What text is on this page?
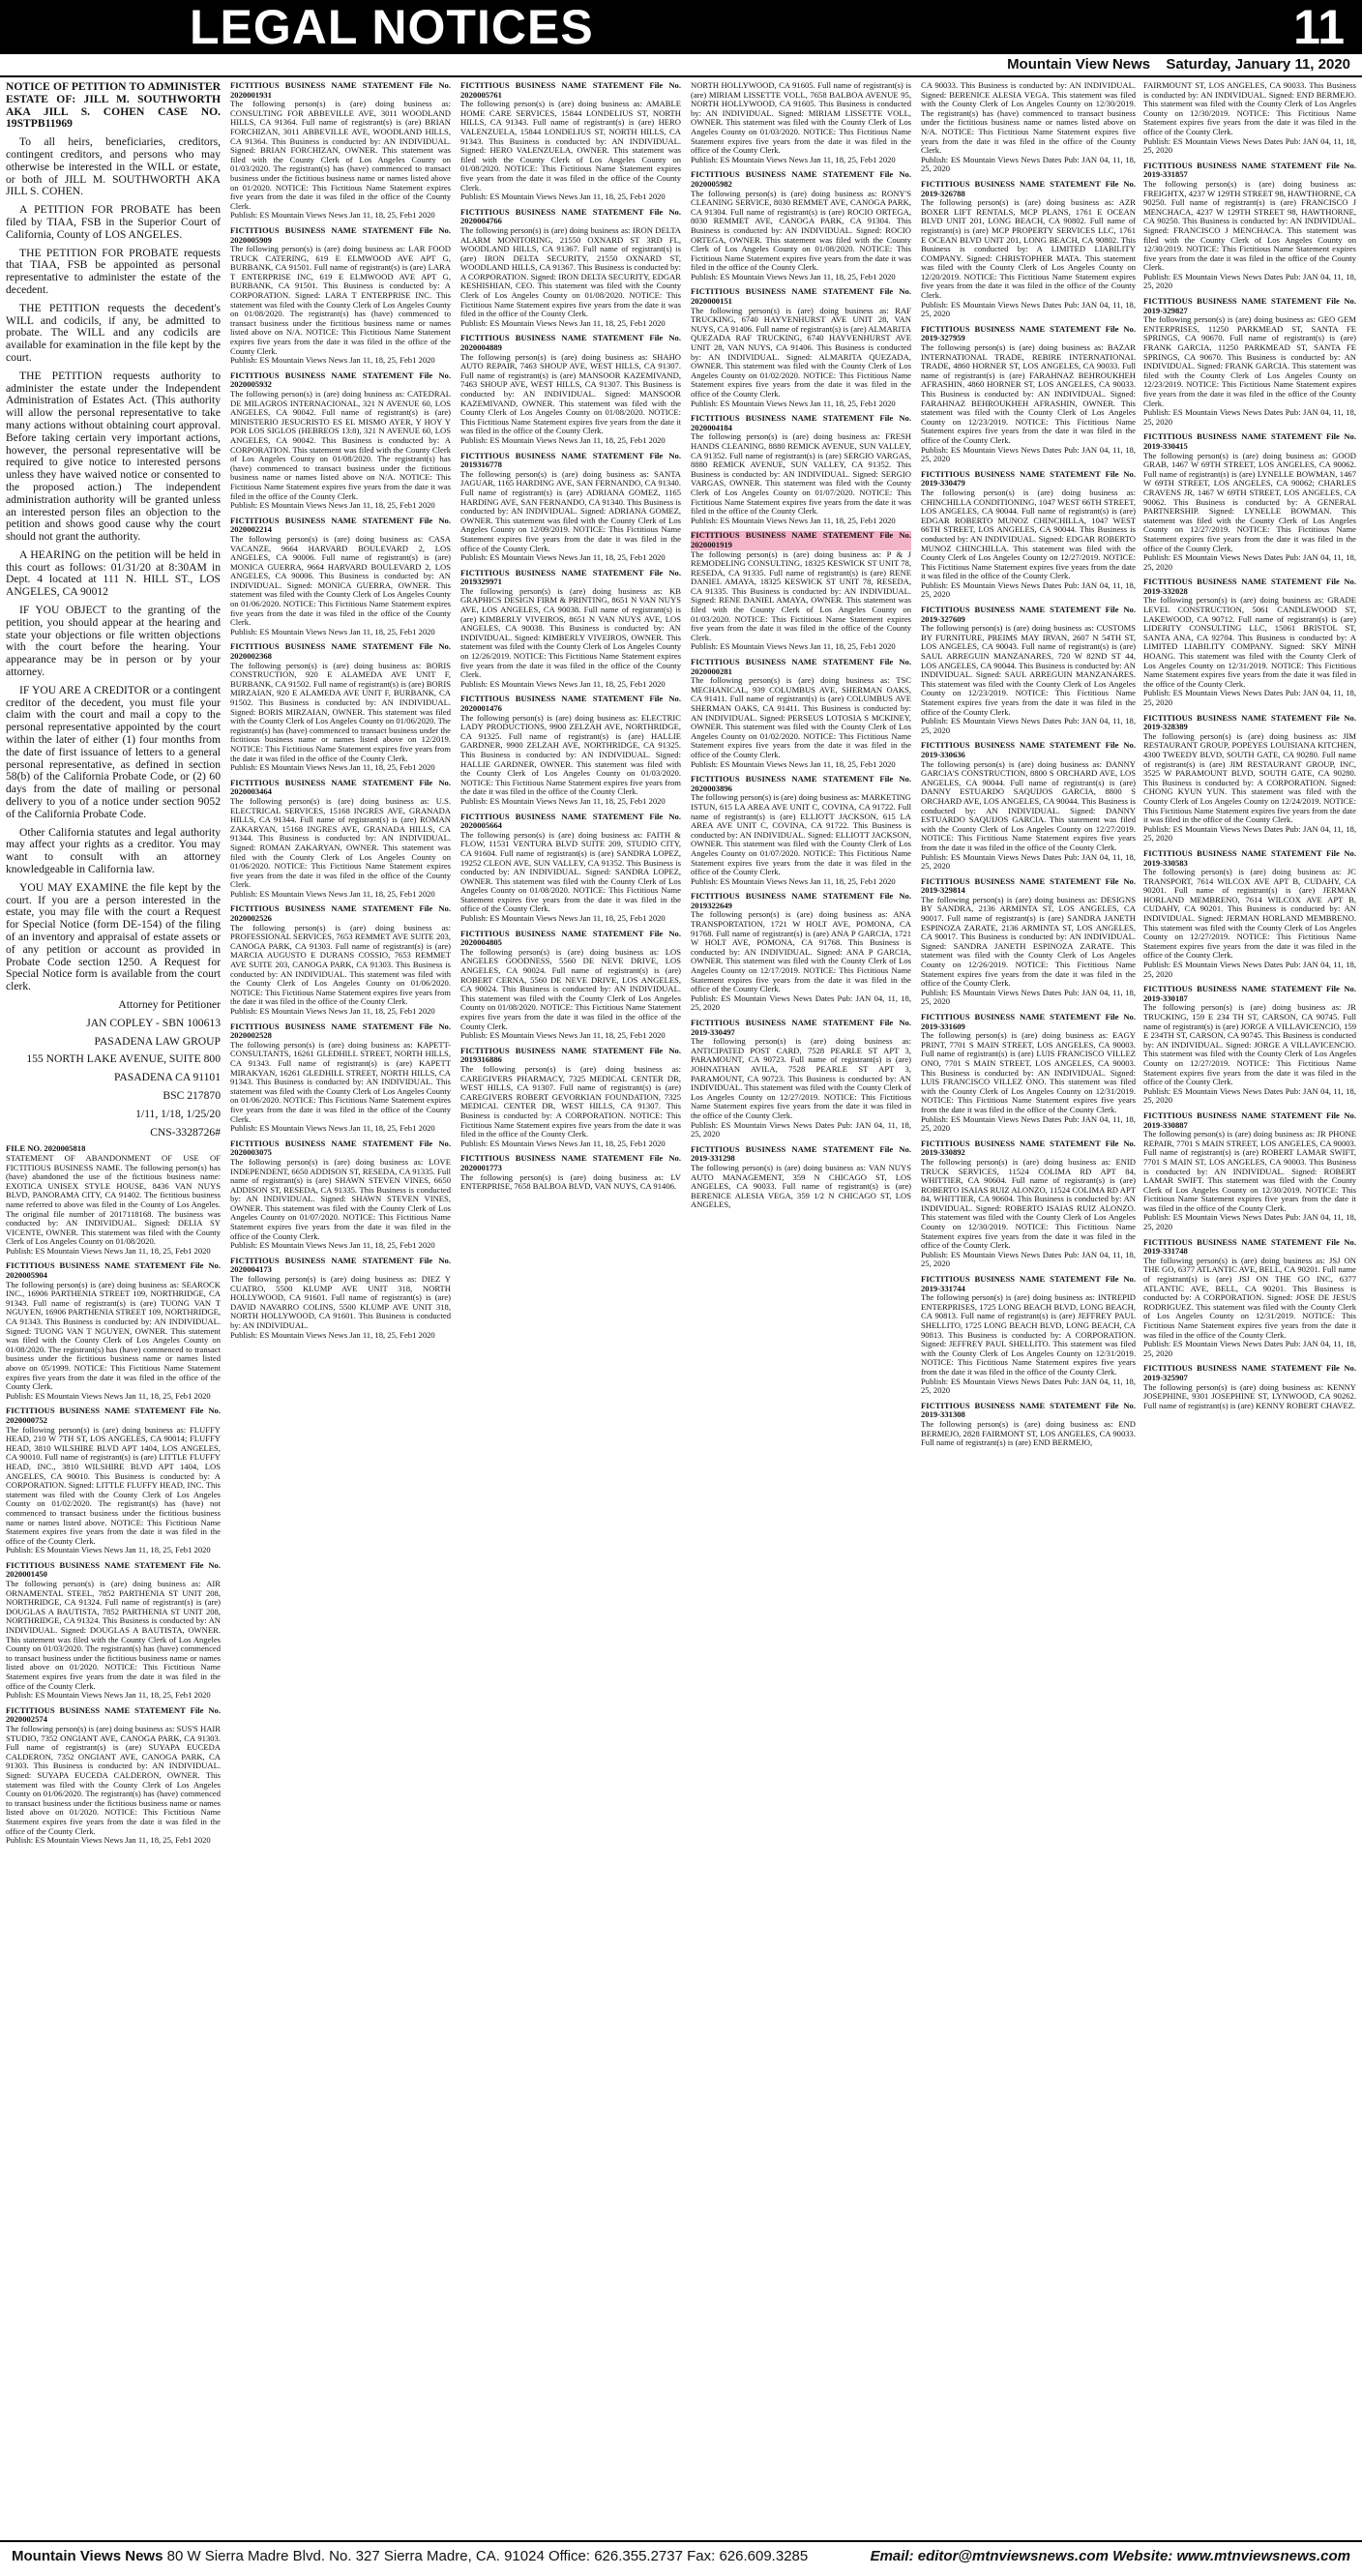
LEGAL NOTICES	11
Mountain View News Saturday, January 11, 2020
NOTICE OF PETITION TO ADMINISTER ESTATE OF: JILL M. SOUTHWORTH AKA JILL S. COHEN CASE NO. 19STPB11969

To all heirs, beneficiaries, creditors, contingent creditors, and persons who may otherwise be interested in the WILL or estate, or both of JILL M. SOUTHWORTH AKA JILL S. COHEN.

A PETITION FOR PROBATE has been filed by TIAA, FSB in the Superior Court of California, County of LOS ANGELES.

THE PETITION FOR PROBATE requests that TIAA, FSB be appointed as personal representative to administer the estate of the decedent.

THE PETITION requests the decedent's WILL and codicils, if any, be admitted to probate. The WILL and any codicils are available for examination in the file kept by the court.

THE PETITION requests authority to administer the estate under the Independent Administration of Estates Act. (This authority will allow the personal representative to take many actions without obtaining court approval. Before taking certain very important actions, however, the personal representative will be required to give notice to interested persons unless they have waived notice or consented to the proposed action.) The independent administration authority will be granted unless an interested person files an objection to the petition and shows good cause why the court should not grant the authority.

A HEARING on the petition will be held in this court as follows: 01/31/20 at 8:30AM in Dept. 4 located at 111 N. HILL ST., LOS ANGELES, CA 90012

IF YOU OBJECT to the granting of the petition, you should appear at the hearing and state your objections or file written objections with the court before the hearing. Your appearance may be in person or by your attorney.

IF YOU ARE A CREDITOR or a contingent creditor of the decedent, you must file your claim with the court and mail a copy to the personal representative appointed by the court within the later of either (1) four months from the date of first issuance of letters to a general personal representative, as defined in section 58(b) of the California Probate Code, or (2) 60 days from the date of mailing or personal delivery to you of a notice under section 9052 of the California Probate Code.

Other California statutes and legal authority may affect your rights as a creditor. You may want to consult with an attorney knowledgeable in California law.

YOU MAY EXAMINE the file kept by the court. If you are a person interested in the estate, you may file with the court a Request for Special Notice (form DE-154) of the filing of an inventory and appraisal of estate assets or of any petition or account as provided in Probate Code section 1250. A Request for Special Notice form is available from the court clerk.

Attorney for Petitioner

JAN COPLEY - SBN 100613

PASADENA LAW GROUP

155 NORTH LAKE AVENUE, SUITE 800

PASADENA CA 91101

BSC 217870

1/11, 1/18, 1/25/20

CNS-3328726#

FILE NO. 2020005818
STATEMENT OF ABANDONMENT OF USE OF FICTITIOUS BUSINESS NAME. The following person(s) has (have) abandoned the use of the fictitious business name: EXOTICA UNISEX STYLE HOUSE, 8436 VAN NUYS BLVD, PANORAMA CITY, CA 91402. The fictitious business name referred to above was filed in the County of Los Angeles. The original file number of 2017118168. The business was conducted by: AN INDIVIDUAL. Signed: DELIA SY VICENTE, OWNER. This statement was filed with the County Clerk of Los Angeles County on 01/08/2020.
Publish: ES Mountain Views News Jan 11, 18, 25, Feb1 2020
FICTITIOUS BUSINESS NAME STATEMENT File No. 2020005904
The following person(s) is (are) doing business as: SEAROCK INC., 16906 PARTHENIA STREET 109, NORTHRIDGE, CA 91343. Full name of registrant(s) is (are) TUONG VAN T NGUYEN, 16906 PARTHENIA STREET 109, NORTHRIDGE, CA 91343. This Business is conducted by: AN INDIVIDUAL. Signed: TUONG VAN T NGUYEN, OWNER. This statement was filed with the County Clerk of Los Angeles County on 01/08/2020. The registrant(s) has (have) commenced to transact business under the fictitious business name or names listed above on 05/1999. NOTICE: This Fictitious Name Statement expires five years from the date it was filed in the office of the County Clerk.
Publish: ES Mountain Views News Jan 11, 18, 25, Feb1 2020
FICTITIOUS BUSINESS NAME STATEMENT File No. 2020000752
The following person(s) is (are) doing business as: FLUFFY HEAD, 210 W 7TH ST, LOS ANGELES, CA 90014; FLUFFY HEAD, 3810 WILSHIRE BLVD APT 1404, LOS ANGELES, CA 90010. Full name of registrant(s) is (are) LITTLE FLUFFY HEAD, INC., 3810 WILSHIRE BLVD APT 1404, LOS ANGELES, CA 90010. This Business is conducted by: A CORPORATION. Signed: LITTLE FLUFFY HEAD, INC. This statement was filed with the County Clerk of Los Angeles County on 01/02/2020. The registrant(s) has (have) not commenced to transact business under the fictitious business name or names listed above. NOTICE: This Fictitious Name Statement expires five years from the date it was filed in the office of the County Clerk.
Publish: ES Mountain Views News Jan 11, 18, 25, Feb1 2020
FICTITIOUS BUSINESS NAME STATEMENT File No. 2020001450
The following person(s) is (are) doing business as: AIR ORNAMENTAL STEEL, 7852 PARTHENIA ST UNIT 208, NORTHRIDGE, CA 91324. Full name of registrant(s) is (are) DOUGLAS A BAUTISTA, 7852 PARTHENIA ST UNIT 208, NORTHRIDGE, CA 91324. This Business is conducted by: AN INDIVIDUAL. Signed: DOUGLAS A BAUTISTA, OWNER. This statement was filed with the County Clerk of Los Angeles County on 01/03/2020. The registrant(s) has (have) commenced to transact business under the fictitious business name or names listed above on 01/2020. NOTICE: This Fictitious Name Statement expires five years from the date it was filed in the office of the County Clerk.
Publish: ES Mountain Views News Jan 11, 18, 25, Feb1 2020
FICTITIOUS BUSINESS NAME STATEMENT File No. 2020002574
The following person(s) is (are) doing business as: SUS'S HAIR STUDIO, 7352 ONGIANT AVE, CANOGA PARK, CA 91303. Full name of registrant(s) is (are) SUYAPA EUCEDA CALDERON, 7352 ONGIANT AVE, CANOGA PARK, CA 91303. This Business is conducted by: AN INDIVIDUAL. Signed: SUYAPA EUCEDA CALDERON, OWNER. This statement was filed with the County Clerk of Los Angeles County on 01/06/2020. The registrant(s) has (have) commenced to transact business under the fictitious business name or names listed above on 01/2020. NOTICE: This Fictitious Name Statement expires five years from the date it was filed in the office of the County Clerk.
Publish: ES Mountain Views News Jan 11, 18, 25, Feb1 2020
FICTITIOUS BUSINESS NAME STATEMENT File No. 2020001931
The following person(s) is (are) doing business as: CONSULTING FOR ABBEVILLE AVE, 3011 WOODLAND HILLS, CA 91364. Full name of registrant(s) is (are) BRIAN FORCHIZAN, 3011 ABBEVILLE AVE, WOODLAND HILLS, CA 91364. This Business is conducted by: AN INDIVIDUAL. Signed: BRIAN FORCHIZAN, OWNER. This statement was filed with the County Clerk of Los Angeles County on 01/03/2020. The registrant(s) has (have) commenced to transact business under the fictitious business name or names listed above on 01/2020. NOTICE: This Fictitious Name Statement expires five years from the date it was filed in the office of the County Clerk.
Publish: ES Mountain Views News Jan 11, 18, 25, Feb1 2020
FICTITIOUS BUSINESS NAME STATEMENT File No. 2020005909
The following person(s) is (are) doing business as: LAR FOOD TRUCK CATERING, 619 E ELMWOOD AVE APT G, BURBANK, CA 91501. Full name of registrant(s) is (are) LARA T ENTERPRISE INC, 619 E ELMWOOD AVE APT G, BURBANK, CA 91501. This Business is conducted by: A CORPORATION. Signed: LARA T ENTERPRISE INC. This statement was filed with the County Clerk of Los Angeles County on 01/08/2020. The registrant(s) has (have) commenced to transact business under the fictitious business name or names listed above on N/A. NOTICE: This Fictitious Name Statement expires five years from the date it was filed in the office of the County Clerk.
Publish: ES Mountain Views News Jan 11, 18, 25, Feb1 2020
FICTITIOUS BUSINESS NAME STATEMENT File No. 2020005932
The following person(s) is (are) doing business as: CATEDRAL DE MILAGROS INTERNACIONAL, 321 N AVENUE 60, LOS ANGELES, CA 90042. Full name of registrant(s) is (are) MINISTERIO JESUCRISTO ES EL MISMO AYER, Y HOY Y POR LOS SIGLOS (HEBREOS 13:8), 321 N AVENUE 60, LOS ANGELES, CA 90042. This Business is conducted by: A CORPORATION. This statement was filed with the County Clerk of Los Angeles County on 01/08/2020. The registrant(s) has (have) commenced to transact business under the fictitious business name or names listed above on N/A. NOTICE: This Fictitious Name Statement expires five years from the date it was filed in the office of the County Clerk.
Publish: ES Mountain Views News Jan 11, 18, 25, Feb1 2020
FICTITIOUS BUSINESS NAME STATEMENT File No. 2020002214
The following person(s) is (are) doing business as: CASA VACANZE, 9664 HARVARD BOULEVARD 2, LOS ANGELES, CA 90006. Full name of registrant(s) is (are) MONICA GUERRA, 9664 HARVARD BOULEVARD 2, LOS ANGELES, CA 90006. This Business is conducted by: AN INDIVIDUAL. Signed: MONICA GUERRA, OWNER. This statement was filed with the County Clerk of Los Angeles County on 01/06/2020. NOTICE: This Fictitious Name Statement expires five years from the date it was filed in the office of the County Clerk.
Publish: ES Mountain Views News Jan 11, 18, 25, Feb1 2020
FICTITIOUS BUSINESS NAME STATEMENT File No. 2020002368
The following person(s) is (are) doing business as: BORIS CONSTRUCTION, 920 E ALAMEDA AVE UNIT F, BURBANK, CA 91502. Full name of registrant(s) is (are) BORIS MIRZAIAN, 920 E ALAMEDA AVE UNIT F, BURBANK, CA 91502. This Business is conducted by: AN INDIVIDUAL. Signed: BORIS MIRZAIAN, OWNER. This statement was filed with the County Clerk of Los Angeles County on 01/06/2020. The registrant(s) has (have) commenced to transact business under the fictitious business name or names listed above on 12/2019. NOTICE: This Fictitious Name Statement expires five years from the date it was filed in the office of the County Clerk.
Publish: ES Mountain Views News Jan 11, 18, 25, Feb1 2020
FICTITIOUS BUSINESS NAME STATEMENT File No. 2020003464
The following person(s) is (are) doing business as: U.S. ELECTRICAL SERVICES, 15168 INGRES AVE, GRANADA HILLS, CA 91344. Full name of registrant(s) is (are) ROMAN ZAKARYAN, 15168 INGRES AVE, GRANADA HILLS, CA 91344. This Business is conducted by: AN INDIVIDUAL. Signed: ROMAN ZAKARYAN, OWNER. This statement was filed with the County Clerk of Los Angeles County on 01/06/2020. NOTICE: This Fictitious Name Statement expires five years from the date it was filed in the office of the County Clerk.
Publish: ES Mountain Views News Jan 11, 18, 25, Feb1 2020
FICTITIOUS BUSINESS NAME STATEMENT File No. 2020002526
The following person(s) is (are) doing business as: PROFESSIONAL SERVICES, 7653 REMMET AVE SUITE 203, CANOGA PARK, CA 91303. Full name of registrant(s) is (are) MARCIA AUGUSTO E DURANS COSSIO, 7653 REMMET AVE SUITE 203, CANOGA PARK, CA 91303. This Business is conducted by: AN INDIVIDUAL. This statement was filed with the County Clerk of Los Angeles County on 01/06/2020. NOTICE: This Fictitious Name Statement expires five years from the date it was filed in the office of the County Clerk.
Publish: ES Mountain Views News Jan 11, 18, 25, Feb1 2020
FICTITIOUS BUSINESS NAME STATEMENT File No. 2020002528
The following person(s) is (are) doing business as: KAPETT-CONSULTANTS, 16261 GLEDHILL STREET, NORTH HILLS, CA 91343. Full name of registrant(s) is (are) KAPETT MIRAKYAN, 16261 GLEDHILL STREET, NORTH HILLS, CA 91343. This Business is conducted by: AN INDIVIDUAL. This statement was filed with the County Clerk of Los Angeles County on 01/06/2020. NOTICE: This Fictitious Name Statement expires five years from the date it was filed in the office of the County Clerk.
Publish: ES Mountain Views News Jan 11, 18, 25, Feb1 2020
FICTITIOUS BUSINESS NAME STATEMENT File No. 2020003075
The following person(s) is (are) doing business as: LOVE INDEPENDENT, 6650 ADDISON ST, RESEDA, CA 91335. Full name of registrant(s) is (are) SHAWN STEVEN VINES, 6650 ADDISON ST, RESEDA, CA 91335. This Business is conducted by: AN INDIVIDUAL. Signed: SHAWN STEVEN VINES, OWNER. This statement was filed with the County Clerk of Los Angeles County on 01/07/2020. NOTICE: This Fictitious Name Statement expires five years from the date it was filed in the office of the County Clerk.
Publish: ES Mountain Views News Jan 11, 18, 25, Feb1 2020
FICTITIOUS BUSINESS NAME STATEMENT File No. 2020004173
The following person(s) is (are) doing business as: DIEZ Y CUATRO, 5500 KLUMP AVE UNIT 318, NORTH HOLLYWOOD, CA 91601. Full name of registrant(s) is (are) DAVID NAVARRO COLINS, 5500 KLUMP AVE UNIT 318, NORTH HOLLYWOOD, CA 91601. This Business is conducted by: AN INDIVIDUAL.
Publish: ES Mountain Views News Jan 11, 18, 25, Feb1 2020
FICTITIOUS BUSINESS NAME STATEMENT File No. 2020005761
The following person(s) is (are) doing business as: AMABLE HOME CARE SERVICES, 15844 LONDELIUS ST, NORTH HILLS, CA 91343. Full name of registrant(s) is (are) HERO VALENZUELA, 15844 LONDELIUS ST, NORTH HILLS, CA 91343. This Business is conducted by: AN INDIVIDUAL. Signed: HERO VALENZUELA, OWNER. This statement was filed with the County Clerk of Los Angeles County on 01/08/2020. NOTICE: This Fictitious Name Statement expires five years from the date it was filed in the office of the County Clerk.
Publish: ES Mountain Views News Jan 11, 18, 25, Feb1 2020
FICTITIOUS BUSINESS NAME STATEMENT File No. 2020004766
The following person(s) is (are) doing business as: IRON DELTA ALARM MONITORING, 21550 OXNARD ST 3RD FL, WOODLAND HILLS, CA 91367. Full name of registrant(s) is (are) IRON DELTA SECURITY, 21550 OXNARD ST, WOODLAND HILLS, CA 91367. This Business is conducted by: A CORPORATION. Signed: IRON DELTA SECURITY, EDGAR KESHISHIAN, CEO. This statement was filed with the County Clerk of Los Angeles County on 01/08/2020. NOTICE: This Fictitious Name Statement expires five years from the date it was filed in the office of the County Clerk.
Publish: ES Mountain Views News Jan 11, 18, 25, Feb1 2020
FICTITIOUS BUSINESS NAME STATEMENT File No. 2020004889
The following person(s) is (are) doing business as: SHAHO AUTO REPAIR, 7463 SHOUP AVE, WEST HILLS, CA 91307. Full name of registrant(s) is (are) MANSOOR KAZEMIVAND, 7463 SHOUP AVE, WEST HILLS, CA 91307. This Business is conducted by: AN INDIVIDUAL. Signed: MANSOOR KAZEMIVAND, OWNER. This statement was filed with the County Clerk of Los Angeles County on 01/08/2020. NOTICE: This Fictitious Name Statement expires five years from the date it was filed in the office of the County Clerk.
Publish: ES Mountain Views News Jan 11, 18, 25, Feb1 2020
FICTITIOUS BUSINESS NAME STATEMENT File No. 2019316778
The following person(s) is (are) doing business as: SANTA JAGUAR, 1165 HARDING AVE, SAN FERNANDO, CA 91340. Full name of registrant(s) is (are) ADRIANA GOMEZ, 1165 HARDING AVE, SAN FERNANDO, CA 91340. This Business is conducted by: AN INDIVIDUAL. Signed: ADRIANA GOMEZ, OWNER. This statement was filed with the County Clerk of Los Angeles County on 12/09/2019. NOTICE: This Fictitious Name Statement expires five years from the date it was filed in the office of the County Clerk.
Publish: ES Mountain Views News Jan 11, 18, 25, Feb1 2020
FICTITIOUS BUSINESS NAME STATEMENT File No. 2019329971
The following person(s) is (are) doing business as: KB GRAPHICS DESIGN FIRM & PRINTING, 8651 N VAN NUYS AVE, LOS ANGELES, CA 90038. Full name of registrant(s) is (are) KIMBERLY VIVEIROS, 8651 N VAN NUYS AVE, LOS ANGELES, CA 90038. This Business is conducted by: AN INDIVIDUAL. Signed: KIMBERLY VIVEIROS, OWNER. This statement was filed with the County Clerk of Los Angeles County on 12/26/2019. NOTICE: This Fictitious Name Statement expires five years from the date it was filed in the office of the County Clerk.
Publish: ES Mountain Views News Jan 11, 18, 25, Feb1 2020
FICTITIOUS BUSINESS NAME STATEMENT File No. 2020001476
The following person(s) is (are) doing business as: ELECTRIC LADY PRODUCTIONS, 9900 ZELZAH AVE, NORTHRIDGE, CA 91325. Full name of registrant(s) is (are) HALLIE GARDNER, 9900 ZELZAH AVE, NORTHRIDGE, CA 91325. This Business is conducted by: AN INDIVIDUAL. Signed: HALLIE GARDNER, OWNER. This statement was filed with the County Clerk of Los Angeles County on 01/03/2020. NOTICE: This Fictitious Name Statement expires five years from the date it was filed in the office of the County Clerk.
Publish: ES Mountain Views News Jan 11, 18, 25, Feb1 2020
FICTITIOUS BUSINESS NAME STATEMENT File No. 2020005664
The following person(s) is (are) doing business as: FAITH & FLOW, 11531 VENTURA BLVD SUITE 209, STUDIO CITY, CA 91604. Full name of registrant(s) is (are) SANDRA LOPEZ, 19252 CLEON AVE, SUN VALLEY, CA 91352. This Business is conducted by: AN INDIVIDUAL. Signed: SANDRA LOPEZ, OWNER. This statement was filed with the County Clerk of Los Angeles County on 01/08/2020. NOTICE: This Fictitious Name Statement expires five years from the date it was filed in the office of the County Clerk.
Publish: ES Mountain Views News Jan 11, 18, 25, Feb1 2020
FICTITIOUS BUSINESS NAME STATEMENT File No. 2020004805
The following person(s) is (are) doing business as: LOS ANGELES GOODNESS, 5560 DE NEVE DRIVE, LOS ANGELES, CA 90024. Full name of registrant(s) is (are) ROBERT CERNA, 5560 DE NEVE DRIVE, LOS ANGELES, CA 90024. This Business is conducted by: AN INDIVIDUAL. This statement was filed with the County Clerk of Los Angeles County on 01/08/2020. NOTICE: This Fictitious Name Statement expires five years from the date it was filed in the office of the County Clerk.
Publish: ES Mountain Views News Jan 11, 18, 25, Feb1 2020
FICTITIOUS BUSINESS NAME STATEMENT File No. 2019316886
The following person(s) is (are) doing business as: CAREGIVERS PHARMACY, 7325 MEDICAL CENTER DR, WEST HILLS, CA 91307. Full name of registrant(s) is (are) CAREGIVERS ROBERT GEVORKIAN FOUNDATION, 7325 MEDICAL CENTER DR, WEST HILLS, CA 91307. This Business is conducted by: A CORPORATION. NOTICE: This Fictitious Name Statement expires five years from the date it was filed in the office of the County Clerk.
Publish: ES Mountain Views News Jan 11, 18, 25, Feb1 2020
FICTITIOUS BUSINESS NAME STATEMENT File No. 2020001773
The following person(s) is (are) doing business as: LV ENTERPRISE, 7658 BALBOA BLVD, VAN NUYS, CA 91406.
NORTH HOLLYWOOD, CA 91605. Full name of registrant(s) is (are) MIRIAM LISSETTE VOLL, 7658 BALBOA AVENUE 95, NORTH HOLLYWOOD, CA 91605. This Business is conducted by: AN INDIVIDUAL. Signed: MIRIAM LISSETTE VOLL, OWNER. This statement was filed with the County Clerk of Los Angeles County on 01/03/2020. NOTICE: This Fictitious Name Statement expires five years from the date it was filed in the office of the County Clerk.
Publish: ES Mountain Views News Jan 11, 18, 25, Feb1 2020
FICTITIOUS BUSINESS NAME STATEMENT File No. 2020005982
The following person(s) is (are) doing business as: RONY'S CLEANING SERVICE, 8030 REMMET AVE, CANOGA PARK, CA 91304. Full name of registrant(s) is (are) ROCIO ORTEGA, 8030 REMMET AVE, CANOGA PARK, CA 91304. This Business is conducted by: AN INDIVIDUAL. Signed: ROCIO ORTEGA, OWNER. This statement was filed with the County Clerk of Los Angeles County on 01/08/2020. NOTICE: This Fictitious Name Statement expires five years from the date it was filed in the office of the County Clerk.
Publish: ES Mountain Views News Jan 11, 18, 25, Feb1 2020
FICTITIOUS BUSINESS NAME STATEMENT File No. 2020000151
The following person(s) is (are) doing business as: RAF TRUCKING, 6740 HAYVENHURST AVE UNIT 28, VAN NUYS, CA 91406. Full name of registrant(s) is (are) ALMARITA QUEZADA RAF TRUCKING, 6740 HAYVENHURST AVE UNIT 28, VAN NUYS, CA 91406. This Business is conducted by: AN INDIVIDUAL. Signed: ALMARITA QUEZADA, OWNER. This statement was filed with the County Clerk of Los Angeles County on 01/02/2020. NOTICE: This Fictitious Name Statement expires five years from the date it was filed in the office of the County Clerk.
Publish: ES Mountain Views News Jan 11, 18, 25, Feb1 2020
FICTITIOUS BUSINESS NAME STATEMENT File No. 2020004184
The following person(s) is (are) doing business as: FRESH HANDS CLEANING, 8880 REMICK AVENUE, SUN VALLEY, CA 91352. Full name of registrant(s) is (are) SERGIO VARGAS, 8880 REMICK AVENUE, SUN VALLEY, CA 91352. This Business is conducted by: AN INDIVIDUAL. Signed: SERGIO VARGAS, OWNER. This statement was filed with the County Clerk of Los Angeles County on 01/07/2020. NOTICE: This Fictitious Name Statement expires five years from the date it was filed in the office of the County Clerk.
Publish: ES Mountain Views News Jan 11, 18, 25, Feb1 2020
FICTITIOUS BUSINESS NAME STATEMENT File No. 2020001919
The following person(s) is (are) doing business as: P & J REMODELING CONSULTING, 18325 KESWICK ST UNIT 78, RESEDA, CA 91335. Full name of registrant(s) is (are) RENE DANIEL AMAYA, 18325 KESWICK ST UNIT 78, RESEDA, CA 91335. This Business is conducted by: AN INDIVIDUAL. Signed: RENE DANIEL AMAYA, OWNER. This statement was filed with the County Clerk of Los Angeles County on 01/03/2020. NOTICE: This Fictitious Name Statement expires five years from the date it was filed in the office of the County Clerk.
Publish: ES Mountain Views News Jan 11, 18, 25, Feb1 2020
FICTITIOUS BUSINESS NAME STATEMENT File No. 2020000281
The following person(s) is (are) doing business as: TSC MECHANICAL, 939 COLUMBUS AVE, SHERMAN OAKS, CA 91411. Full name of registrant(s) is (are) COLUMBUS AVE SHERMAN OAKS, CA 91411. This Business is conducted by: AN INDIVIDUAL. Signed: PERSEUS LOTOSIA S MCKINEY, OWNER. This statement was filed with the County Clerk of Los Angeles County on 01/02/2020. NOTICE: This Fictitious Name Statement expires five years from the date it was filed in the office of the County Clerk.
Publish: ES Mountain Views News Jan 11, 18, 25, Feb1 2020
FICTITIOUS BUSINESS NAME STATEMENT File No. 2020003896
The following person(s) is (are) doing business as: MARKETING ISTUN, 615 LA AREA AVE UNIT C, COVINA, CA 91722. Full name of registrant(s) is (are) ELLIOTT JACKSON, 615 LA AREA AVE UNIT C, COVINA, CA 91722. This Business is conducted by: AN INDIVIDUAL. Signed: ELLIOTT JACKSON, OWNER. This statement was filed with the County Clerk of Los Angeles County on 01/07/2020. NOTICE: This Fictitious Name Statement expires five years from the date it was filed in the office of the County Clerk.
Publish: ES Mountain Views News Jan 11, 18, 25, Feb1 2020
FICTITIOUS BUSINESS NAME STATEMENT File No. 2019322649
The following person(s) is (are) doing business as: ANA TRANSPORTATION, 1721 W HOLT AVE, POMONA, CA 91768. Full name of registrant(s) is (are) ANA P GARCIA, 1721 W HOLT AVE, POMONA, CA 91768. This Business is conducted by: AN INDIVIDUAL. Signed: ANA P GARCIA, OWNER. This statement was filed with the County Clerk of Los Angeles County on 12/17/2019. NOTICE: This Fictitious Name Statement expires five years from the date it was filed in the office of the County Clerk.
Publish: ES Mountain Views News Dates Pub: JAN 04, 11, 18, 25, 2020
FICTITIOUS BUSINESS NAME STATEMENT File No. 2019-330497
The following person(s) is (are) doing business as: ANTICIPATED POST CARD, 7528 PEARLE ST APT 3, PARAMOUNT, CA 90723. Full name of registrant(s) is (are) JOHNATHAN AVILA, 7528 PEARLE ST APT 3, PARAMOUNT, CA 90723. This Business is conducted by: AN INDIVIDUAL. This statement was filed with the County Clerk of Los Angeles County on 12/27/2019. NOTICE: This Fictitious Name Statement expires five years from the date it was filed in the office of the County Clerk.
Publish: ES Mountain Views News Dates Pub: JAN 04, 11, 18, 25, 2020
FICTITIOUS BUSINESS NAME STATEMENT File No. 2019-331298
The following person(s) is (are) doing business as: VAN NUYS AUTO MANAGEMENT, 359 N CHICAGO ST, LOS ANGELES, CA 90033. Full name of registrant(s) is (are) BERENICE ALESIA VEGA, 359 1/2 N CHICAGO ST, LOS ANGELES,
CA 90033. This Business is conducted by: AN INDIVIDUAL. Signed: BERENICE ALESIA VEGA. This statement was filed with the County Clerk of Los Angeles County on 12/30/2019. The registrant(s) has (have) commenced to transact business under the fictitious business name or names listed above on N/A. NOTICE: This Fictitious Name Statement expires five years from the date it was filed in the office of the County Clerk.
Publish: ES Mountain Views News Dates Pub: JAN 04, 11, 18, 25, 2020
FICTITIOUS BUSINESS NAME STATEMENT File No. 2019-326788
The following person(s) is (are) doing business as: AZR BOXER LIFT RENTALS, MCP PLANS, 1761 E OCEAN BLVD UNIT 201, LONG BEACH, CA 90802. Full name of registrant(s) is (are) MCP PROPERTY SERVICES LLC, 1761 E OCEAN BLVD UNIT 201, LONG BEACH, CA 90802. This Business is conducted by: A LIMITED LIABILITY COMPANY. Signed: CHRISTOPHER MATA. This statement was filed with the County Clerk of Los Angeles County on 12/20/2019. NOTICE: This Fictitious Name Statement expires five years from the date it was filed in the office of the County Clerk.
Publish: ES Mountain Views News Dates Pub: JAN 04, 11, 18, 25, 2020
FICTITIOUS BUSINESS NAME STATEMENT File No. 2019-327959
The following person(s) is (are) doing business as: BAZAR INTERNATIONAL TRADE, REBIRE INTERNATIONAL TRADE, 4860 HORNER ST, LOS ANGELES, CA 90033. Full name of registrant(s) is (are) FARAHNAZ BEHROUKHEH AFRASHIN, 4860 HORNER ST, LOS ANGELES, CA 90033. This Business is conducted by: AN INDIVIDUAL. Signed: FARAHNAZ BEHROUKHEH AFRASHIN, OWNER. This statement was filed with the County Clerk of Los Angeles County on 12/23/2019. NOTICE: This Fictitious Name Statement expires five years from the date it was filed in the office of the County Clerk.
Publish: ES Mountain Views News Dates Pub: JAN 04, 11, 18, 25, 2020
FICTITIOUS BUSINESS NAME STATEMENT File No. 2019-330479
The following person(s) is (are) doing business as: CHINCHILLA CONDITIONING, 1047 WEST 66TH STREET, LOS ANGELES, CA 90044. Full name of registrant(s) is (are) EDGAR ROBERTO MUNOZ CHINCHILLA, 1047 WEST 66TH STREET, LOS ANGELES, CA 90044. This Business is conducted by: AN INDIVIDUAL. Signed: EDGAR ROBERTO MUNOZ CHINCHILLA. This statement was filed with the County Clerk of Los Angeles County on 12/27/2019. NOTICE: This Fictitious Name Statement expires five years from the date it was filed in the office of the County Clerk.
Publish: ES Mountain Views News Dates Pub: JAN 04, 11, 18, 25, 2020
FICTITIOUS BUSINESS NAME STATEMENT File No. 2019-327609
The following person(s) is (are) doing business as: CUSTOMS BY FURNITURE, PREIMS MAY IRVAN, 2607 N 54TH ST, LOS ANGELES, CA 90043. Full name of registrant(s) is (are) SAUL ARREGUIN MANZANARES, 720 W 82ND ST 44, LOS ANGELES, CA 90044. This Business is conducted by: AN INDIVIDUAL. Signed: SAUL ARREGUIN MANZANARES. This statement was filed with the County Clerk of Los Angeles County on 12/23/2019. NOTICE: This Fictitious Name Statement expires five years from the date it was filed in the office of the County Clerk.
Publish: ES Mountain Views News Dates Pub: JAN 04, 11, 18, 25, 2020
FICTITIOUS BUSINESS NAME STATEMENT File No. 2019-330636
The following person(s) is (are) doing business as: DANNY GARCIA'S CONSTRUCTION, 8800 S ORCHARD AVE, LOS ANGELES, CA 90044. Full name of registrant(s) is (are) DANNY ESTUARDO SAQUIJOS GARCIA, 8800 S ORCHARD AVE, LOS ANGELES, CA 90044. This Business is conducted by: AN INDIVIDUAL. Signed: DANNY ESTUARDO SAQUIJOS GARCIA. This statement was filed with the County Clerk of Los Angeles County on 12/27/2019. NOTICE: This Fictitious Name Statement expires five years from the date it was filed in the office of the County Clerk.
Publish: ES Mountain Views News Dates Pub: JAN 04, 11, 18, 25, 2020
FICTITIOUS BUSINESS NAME STATEMENT File No. 2019-329814
The following person(s) is (are) doing business as: DESIGNS BY SANDRA, 2136 ARMINTA ST, LOS ANGELES, CA 90017. Full name of registrant(s) is (are) SANDRA JANETH ESPINOZA ZARATE, 2136 ARMINTA ST, LOS ANGELES, CA 90017. This Business is conducted by: AN INDIVIDUAL. Signed: SANDRA JANETH ESPINOZA ZARATE. This statement was filed with the County Clerk of Los Angeles County on 12/26/2019. NOTICE: This Fictitious Name Statement expires five years from the date it was filed in the office of the County Clerk.
Publish: ES Mountain Views News Dates Pub: JAN 04, 11, 18, 25, 2020
FICTITIOUS BUSINESS NAME STATEMENT File No. 2019-331609
The following person(s) is (are) doing business as: EAGY PRINT, 7701 S MAIN STREET, LOS ANGELES, CA 90003. Full name of registrant(s) is (are) LUIS FRANCISCO VILLEZ ONO, 7701 S MAIN STREET, LOS ANGELES, CA 90003. This Business is conducted by: AN INDIVIDUAL. Signed: LUIS FRANCISCO VILLEZ ONO. This statement was filed with the County Clerk of Los Angeles County on 12/31/2019. NOTICE: This Fictitious Name Statement expires five years from the date it was filed in the office of the County Clerk.
Publish: ES Mountain Views News Dates Pub: JAN 04, 11, 18, 25, 2020
FICTITIOUS BUSINESS NAME STATEMENT File No. 2019-330892
The following person(s) is (are) doing business as: ENID TRUCK SERVICES, 11524 COLIMA RD APT 84, WHITTIER, CA 90604. Full name of registrant(s) is (are) ROBERTO ISAIAS RUIZ ALONZO, 11524 COLIMA RD APT 84, WHITTIER, CA 90604. This Business is conducted by: AN INDIVIDUAL. Signed: ROBERTO ISAIAS RUIZ ALONZO. This statement was filed with the County Clerk of Los Angeles County on 12/30/2019. NOTICE: This Fictitious Name Statement expires five years from the date it was filed in the office of the County Clerk.
Publish: ES Mountain Views News Dates Pub: JAN 04, 11, 18, 25, 2020
FICTITIOUS BUSINESS NAME STATEMENT File No. 2019-331744
The following person(s) is (are) doing business as: INTREPID ENTERPRISES, 1725 LONG BEACH BLVD, LONG BEACH, CA 90813. Full name of registrant(s) is (are) JEFFREY PAUL SHELLITO, 1725 LONG BEACH BLVD, LONG BEACH, CA 90813. This Business is conducted by: A CORPORATION. Signed: JEFFREY PAUL SHELLITO. This statement was filed with the County Clerk of Los Angeles County on 12/31/2019. NOTICE: This Fictitious Name Statement expires five years from the date it was filed in the office of the County Clerk.
Publish: ES Mountain Views News Dates Pub: JAN 04, 11, 18, 25, 2020
FICTITIOUS BUSINESS NAME STATEMENT File No. 2019-331308
The following person(s) is (are) doing business as: END BERMEJO, 2828 FAIRMONT ST, LOS ANGELES, CA 90033. Full name of registrant(s) is (are) END BERMEJO,
FAIRMOUNT ST, LOS ANGELES, CA 90033. This Business is conducted by: AN INDIVIDUAL. Signed: END BERMEJO. This statement was filed with the County Clerk of Los Angeles County on 12/30/2019. NOTICE: This Fictitious Name Statement expires five years from the date it was filed in the office of the County Clerk.
Publish: ES Mountain Views News Dates Pub: JAN 04, 11, 18, 25, 2020
FICTITIOUS BUSINESS NAME STATEMENT File No. 2019-331857
The following person(s) is (are) doing business as: FREIGHTX, 4237 W 129TH STREET 98, HAWTHORNE, CA 90250. Full name of registrant(s) is (are) FRANCISCO J MENCHACA, 4237 W 129TH STREET 98, HAWTHORNE, CA 90250. This Business is conducted by: AN INDIVIDUAL. Signed: FRANCISCO J MENCHACA. This statement was filed with the County Clerk of Los Angeles County on 12/30/2019. NOTICE: This Fictitious Name Statement expires five years from the date it was filed in the office of the County Clerk.
Publish: ES Mountain Views News Dates Pub: JAN 04, 11, 18, 25, 2020
FICTITIOUS BUSINESS NAME STATEMENT File No. 2019-329827
The following person(s) is (are) doing business as: GEO GEM ENTERPRISES, 11250 PARKMEAD ST, SANTA FE SPRINGS, CA 90670. Full name of registrant(s) is (are) FRANK GARCIA, 11250 PARKMEAD ST, SANTA FE SPRINGS, CA 90670. This Business is conducted by: AN INDIVIDUAL. Signed: FRANK GARCIA. This statement was filed with the County Clerk of Los Angeles County on 12/23/2019. NOTICE: This Fictitious Name Statement expires five years from the date it was filed in the office of the County Clerk.
Publish: ES Mountain Views News Dates Pub: JAN 04, 11, 18, 25, 2020
FICTITIOUS BUSINESS NAME STATEMENT File No. 2019-330415
The following person(s) is (are) doing business as: GOOD GRAB, 1467 W 69TH STREET, LOS ANGELES, CA 90062. Full name of registrant(s) is (are) LYNELLE BOWMAN, 1467 W 69TH STREET, LOS ANGELES, CA 90062; CHARLES CRAVENS JR, 1467 W 69TH STREET, LOS ANGELES, CA 90062. This Business is conducted by: A GENERAL PARTNERSHIP. Signed: LYNELLE BOWMAN. This statement was filed with the County Clerk of Los Angeles County on 12/27/2019. NOTICE: This Fictitious Name Statement expires five years from the date it was filed in the office of the County Clerk.
Publish: ES Mountain Views News Dates Pub: JAN 04, 11, 18, 25, 2020
FICTITIOUS BUSINESS NAME STATEMENT File No. 2019-332028
The following person(s) is (are) doing business as: GRADE LEVEL CONSTRUCTION, 5061 CANDLEWOOD ST, LAKEWOOD, CA 90712. Full name of registrant(s) is (are) LIDERITY CONSULTING LLC, 15061 BRISTOL ST, SANTA ANA, CA 92704. This Business is conducted by: A LIMITED LIABILITY COMPANY. Signed: SKY MINH HOANG. This statement was filed with the County Clerk of Los Angeles County on 12/31/2019. NOTICE: This Fictitious Name Statement expires five years from the date it was filed in the office of the County Clerk.
Publish: ES Mountain Views News Dates Pub: JAN 04, 11, 18, 25, 2020
FICTITIOUS BUSINESS NAME STATEMENT File No. 2019-328389
The following person(s) is (are) doing business as: JIM RESTAURANT GROUP, POPEYES LOUISIANA KITCHEN, 4300 TWEEDY BLVD, SOUTH GATE, CA 90280. Full name of registrant(s) is (are) JIM RESTAURANT GROUP, INC, 3525 W PARAMOUNT BLVD, SOUTH GATE, CA 90280. This Business is conducted by: A CORPORATION. Signed: CHONG KYUN YUN. This statement was filed with the County Clerk of Los Angeles County on 12/24/2019. NOTICE: This Fictitious Name Statement expires five years from the date it was filed in the office of the County Clerk.
Publish: ES Mountain Views News Dates Pub: JAN 04, 11, 18, 25, 2020
FICTITIOUS BUSINESS NAME STATEMENT File No. 2019-330583
The following person(s) is (are) doing business as: JC TRANSPORT, 7614 WILCOX AVE APT B, CUDAHY, CA 90201. Full name of registrant(s) is (are) JERMAN HORLAND MEMBRENO, 7614 WILCOX AVE APT B, CUDAHY, CA 90201. This Business is conducted by: AN INDIVIDUAL. Signed: JERMAN HORLAND MEMBRENO. This statement was filed with the County Clerk of Los Angeles County on 12/27/2019. NOTICE: This Fictitious Name Statement expires five years from the date it was filed in the office of the County Clerk.
Publish: ES Mountain Views News Dates Pub: JAN 04, 11, 18, 25, 2020
FICTITIOUS BUSINESS NAME STATEMENT File No. 2019-330187
The following person(s) is (are) doing business as: JR TRUCKING, 159 E 234 TH ST, CARSON, CA 90745. Full name of registrant(s) is (are) JORGE A VILLAVICENCIO, 159 E 234TH ST, CARSON, CA 90745. This Business is conducted by: AN INDIVIDUAL. Signed: JORGE A VILLAVICENCIO. This statement was filed with the County Clerk of Los Angeles County on 12/27/2019. NOTICE: This Fictitious Name Statement expires five years from the date it was filed in the office of the County Clerk.
Publish: ES Mountain Views News Dates Pub: JAN 04, 11, 18, 25, 2020
FICTITIOUS BUSINESS NAME STATEMENT File No. 2019-330887
The following person(s) is (are) doing business as: JR PHONE REPAIR, 7701 S MAIN STREET, LOS ANGELES, CA 90003. Full name of registrant(s) is (are) ROBERT LAMAR SWIFT, 7701 S MAIN ST, LOS ANGELES, CA 90003. This Business is conducted by: AN INDIVIDUAL. Signed: ROBERT LAMAR SWIFT. This statement was filed with the County Clerk of Los Angeles County on 12/30/2019. NOTICE: This Fictitious Name Statement expires five years from the date it was filed in the office of the County Clerk.
Publish: ES Mountain Views News Dates Pub: JAN 04, 11, 18, 25, 2020
FICTITIOUS BUSINESS NAME STATEMENT File No. 2019-331748
The following person(s) is (are) doing business as: JSJ ON THE GO, 6377 ATLANTIC AVE, BELL, CA 90201. Full name of registrant(s) is (are) JSJ ON THE GO INC, 6377 ATLANTIC AVE, BELL, CA 90201. This Business is conducted by: A CORPORATION. Signed: JOSE DE JESUS RODRIGUEZ. This statement was filed with the County Clerk of Los Angeles County on 12/31/2019. NOTICE: This Fictitious Name Statement expires five years from the date it was filed in the office of the County Clerk.
Publish: ES Mountain Views News Dates Pub: JAN 04, 11, 18, 25, 2020
FICTITIOUS BUSINESS NAME STATEMENT File No. 2019-325907
The following person(s) is (are) doing business as: KENNY JOSEPHINE, 9301 JOSEPHINE ST, LYNWOOD, CA 90262. Full name of registrant(s) is (are) KENNY ROBERT CHAVEZ.
Mountain Views News 80 W Sierra Madre Blvd. No. 327 Sierra Madre, CA. 91024 Office: 626.355.2737 Fax: 626.609.3285	Email: editor@mtnviewsnews.com Website: www.mtnviewsnews.com
